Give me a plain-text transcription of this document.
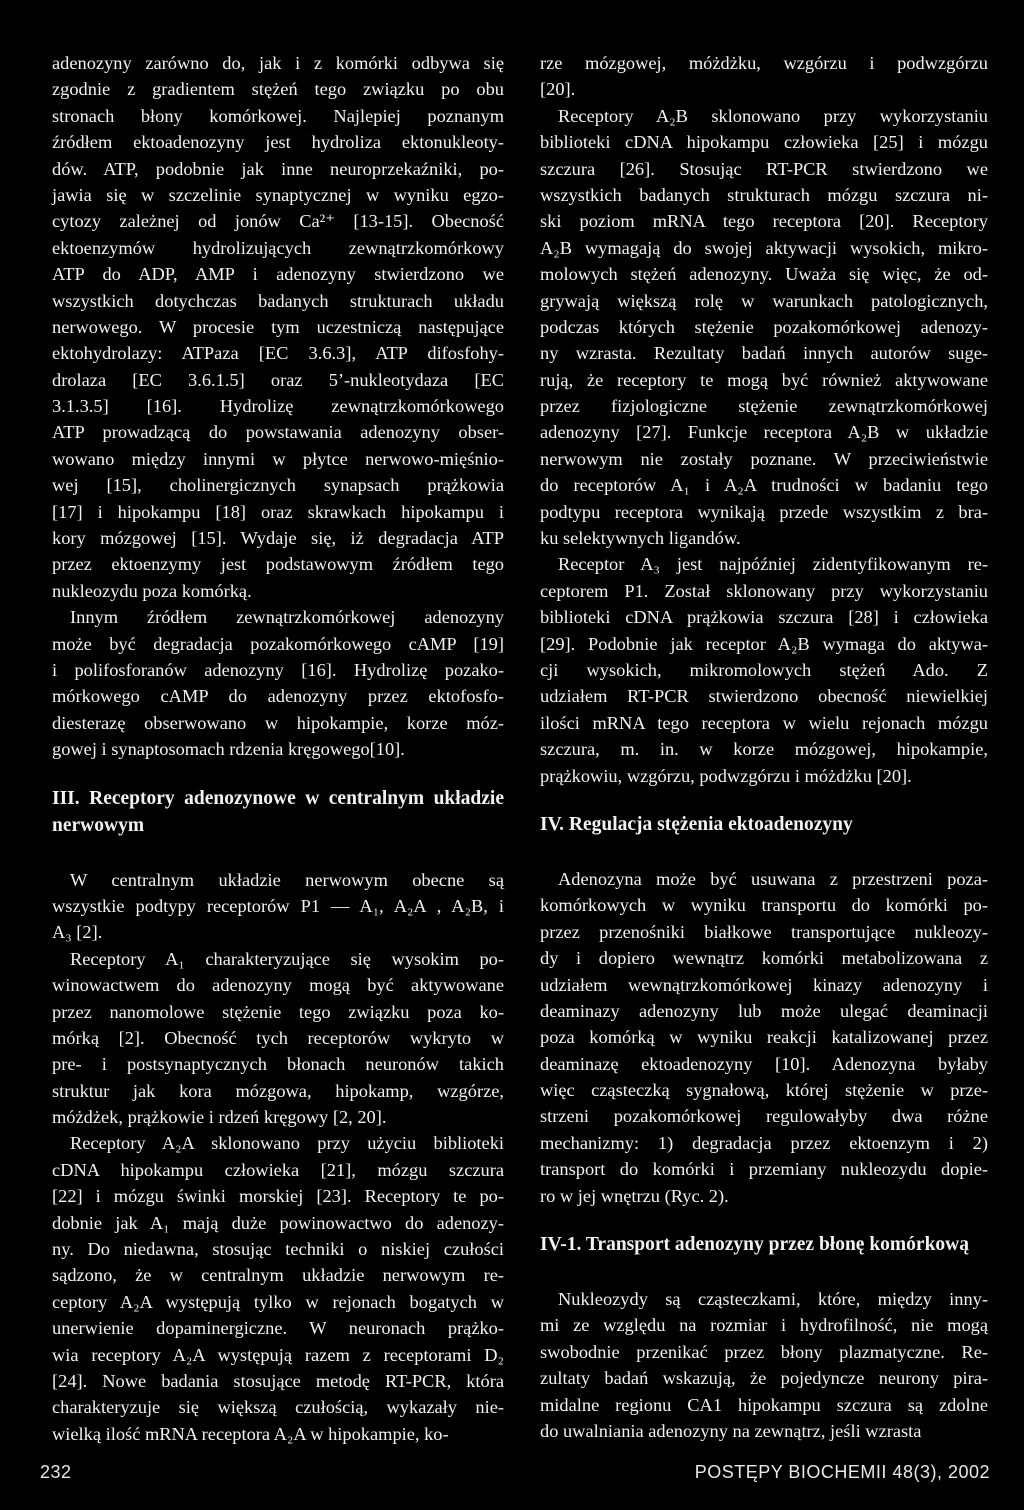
adenozyny zarówno do, jak i z komórki odbywa się
zgodnie z gradientem stężeń tego związku po obu
stronach błony komórkowej. Najlepiej poznanym
źródłem ektoadenozyny jest hydroliza ektonukleoty-
dów. ATP, podobnie jak inne neuroprzekaźniki, po-
jawia się w szczelinie synaptycznej w wyniku egzo-
cytozy zależnej od jonów Ca²⁺ [13-15]. Obecność
ektoenzymów hydrolizujących zewnątrzkomórkowy
ATP do ADP, AMP i adenozyny stwierdzono we
wszystkich dotychczas badanych strukturach układu
nerwowego. W procesie tym uczestniczą następujące
ektohydrolazy: ATPaza [EC 3.6.3], ATP difosfohy-
drolaza [EC 3.6.1.5] oraz 5’-nukleotydaza [EC
3.1.3.5] [16]. Hydrolizę zewnątrzkomórkowego
ATP prowadzącą do powstawania adenozyny obser-
wowano między innymi w płytce nerwowo-mięśnio-
wej [15], cholinergicznych synapsach prążkowia
[17] i hipokampu [18] oraz skrawkach hipokampu i
kory mózgowej [15]. Wydaje się, iż degradacja ATP
przez ektoenzymy jest podstawowym źródłem tego
nukleozydu poza komórką.
Innym źródłem zewnątrzkomórkowej adenozyny
może być degradacja pozakomórkowego cAMP [19]
i polifosforanów adenozyny [16]. Hydrolizę pozako-
mórkowego cAMP do adenozyny przez ektofosfo-
diesterazę obserwowano w hipokampie, korze móz-
gowej i synaptosomach rdzenia kręgowego[10].
III. Receptory adenozynowe w centralnym układzie
nerwowym
W centralnym układzie nerwowym obecne są
wszystkie podtypy receptorów P1 — A₁, A₂A , A₂B, i
A₃ [2].
Receptory A₁ charakteryzujące się wysokim po-
winowactwem do adenozyny mogą być aktywowane
przez nanomolowe stężenie tego związku poza ko-
mórką [2]. Obecność tych receptorów wykryto w
pre- i postsynaptycznych błonach neuronów takich
struktur jak kora mózgowa, hipokamp, wzgórze,
móżdżek, prążkowie i rdzeń kręgowy [2, 20].
Receptory A₂A sklonowano przy użyciu biblioteki
cDNA hipokampu człowieka [21], mózgu szczura
[22] i mózgu świnki morskiej [23]. Receptory te po-
dobnie jak A₁ mają duże powinowactwo do adenozy-
ny. Do niedawna, stosując techniki o niskiej czułości
sądzono, że w centralnym układzie nerwowym re-
ceptory A₂A występują tylko w rejonach bogatych w
unerwienie dopaminergiczne. W neuronach prążko-
wia receptory A₂A występują razem z receptorami D₂
[24]. Nowe badania stosujące metodę RT-PCR, która
charakteryzuje się większą czułością, wykazały nie-
wielką ilość mRNA receptora A₂A w hipokampie, ko-
rze mózgowej, móżdżku, wzgórzu i podwzgórzu
[20].
Receptory A₂B sklonowano przy wykorzystaniu
biblioteki cDNA hipokampu człowieka [25] i mózgu
szczura [26]. Stosując RT-PCR stwierdzono we
wszystkich badanych strukturach mózgu szczura ni-
ski poziom mRNA tego receptora [20]. Receptory
A₂B wymagają do swojej aktywacji wysokich, mikro-
molowych stężeń adenozyny. Uważa się więc, że od-
grywają większą rolę w warunkach patologicznych,
podczas których stężenie pozakomórkowej adenozy-
ny wzrasta. Rezultaty badań innych autorów suge-
rują, że receptory te mogą być również aktywowane
przez fizjologiczne stężenie zewnątrzkomórkowej
adenozyny [27]. Funkcje receptora A₂B w układzie
nerwowym nie zostały poznane. W przeciwieństwie
do receptorów A₁ i A₂A trudności w badaniu tego
podtypu receptora wynikają przede wszystkim z bra-
ku selektywnych ligandów.
Receptor A₃ jest najpóźniej zidentyfikowanym re-
ceptorem P1. Został sklonowany przy wykorzystaniu
biblioteki cDNA prążkowia szczura [28] i człowieka
[29]. Podobnie jak receptor A₂B wymaga do aktywa-
cji wysokich, mikromolowych stężeń Ado. Z
udziałem RT-PCR stwierdzono obecność niewielkiej
ilości mRNA tego receptora w wielu rejonach mózgu
szczura, m. in. w korze mózgowej, hipokampie,
prążkowiu, wzgórzu, podwzgórzu i móżdżku [20].
IV. Regulacja stężenia ektoadenozyny
Adenozyna może być usuwana z przestrzeni poza-
komórkowych w wyniku transportu do komórki po-
przez przenośniki białkowe transportujące nukleozy-
dy i dopiero wewnątrz komórki metabolizowana z
udziałem wewnątrzkomórkowej kinazy adenozyny i
deaminazy adenozyny lub może ulegać deaminacji
poza komórką w wyniku reakcji katalizowanej przez
deaminazę ektoadenozyny [10]. Adenozyna byłaby
więc cząsteczką sygnałową, której stężenie w prze-
strzeni pozakomórkowej regulowałyby dwa różne
mechanizmy: 1) degradacja przez ektoenzym i 2)
transport do komórki i przemiany nukleozydu dopie-
ro w jej wnętrzu (Ryc. 2).
IV-1. Transport adenozyny przez błonę komórkową
Nukleozydy są cząsteczkami, które, między inny-
mi ze względu na rozmiar i hydrofilność, nie mogą
swobodnie przenikać przez błony plazmatyczne. Re-
zultaty badań wskazują, że pojedyncze neurony pira-
midalne regionu CA1 hipokampu szczura są zdolne
do uwalniania adenozyny na zewnątrz, jeśli wzrasta
232	POSTĘPY BIOCHEMII 48(3), 2002
